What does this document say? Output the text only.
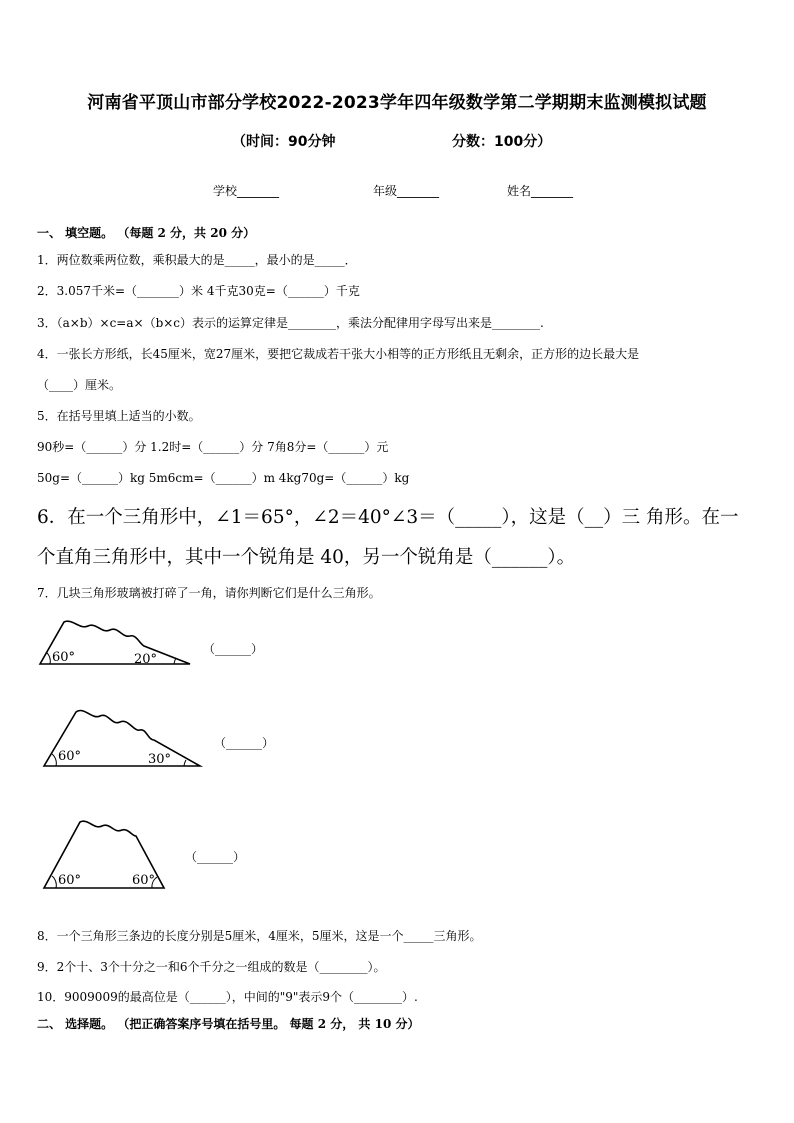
河南省平顶山市部分学校2022-2023学年四年级数学第二学期期末监测模拟试题
（时间：90分钟	分数：100分）
学校_______	年级_______	姓名_______
一、 填空题。 （每题 2 分，共 20 分）
1．两位数乘两位数，乘积最大的是_____，最小的是_____．
2．3.057千米=（_______）米 4千克30克=（______）千克
3．（a×b）×c=a×（b×c）表示的运算定律是________，乘法分配律用字母写出来是________.
4．一张长方形纸，长45厘米，宽27厘米，要把它裁成若干张大小相等的正方形纸且无剩余，正方形的边长最大是
（____）厘米。
5．在括号里填上适当的小数。
90秒=（______）分 1.2时=（______）分 7角8分=（______）元
50g=（______）kg 5m6cm=（______）m 4kg70g=（______）kg
6．在一个三角形中，∠1＝65°，∠2＝40°∠3＝（_____），这是（__）三 角形。在一
个直角三角形中，其中一个锐角是 40，另一个锐角是（______）。
7．几块三角形玻璃被打碎了一角，请你判断它们是什么三角形。
60°	20°
（______）
60°	30°
（______）
60°	60°
（______）
8．一个三角形三条边的长度分别是5厘米，4厘米，5厘米，这是一个_____三角形。
9．2个十、3个十分之一和6个千分之一组成的数是（________）。
10．9009009的最高位是（______），中间的"9"表示9个（________）.
二、 选择题。 （把正确答案序号填在括号里。 每题 2 分， 共 10 分）
